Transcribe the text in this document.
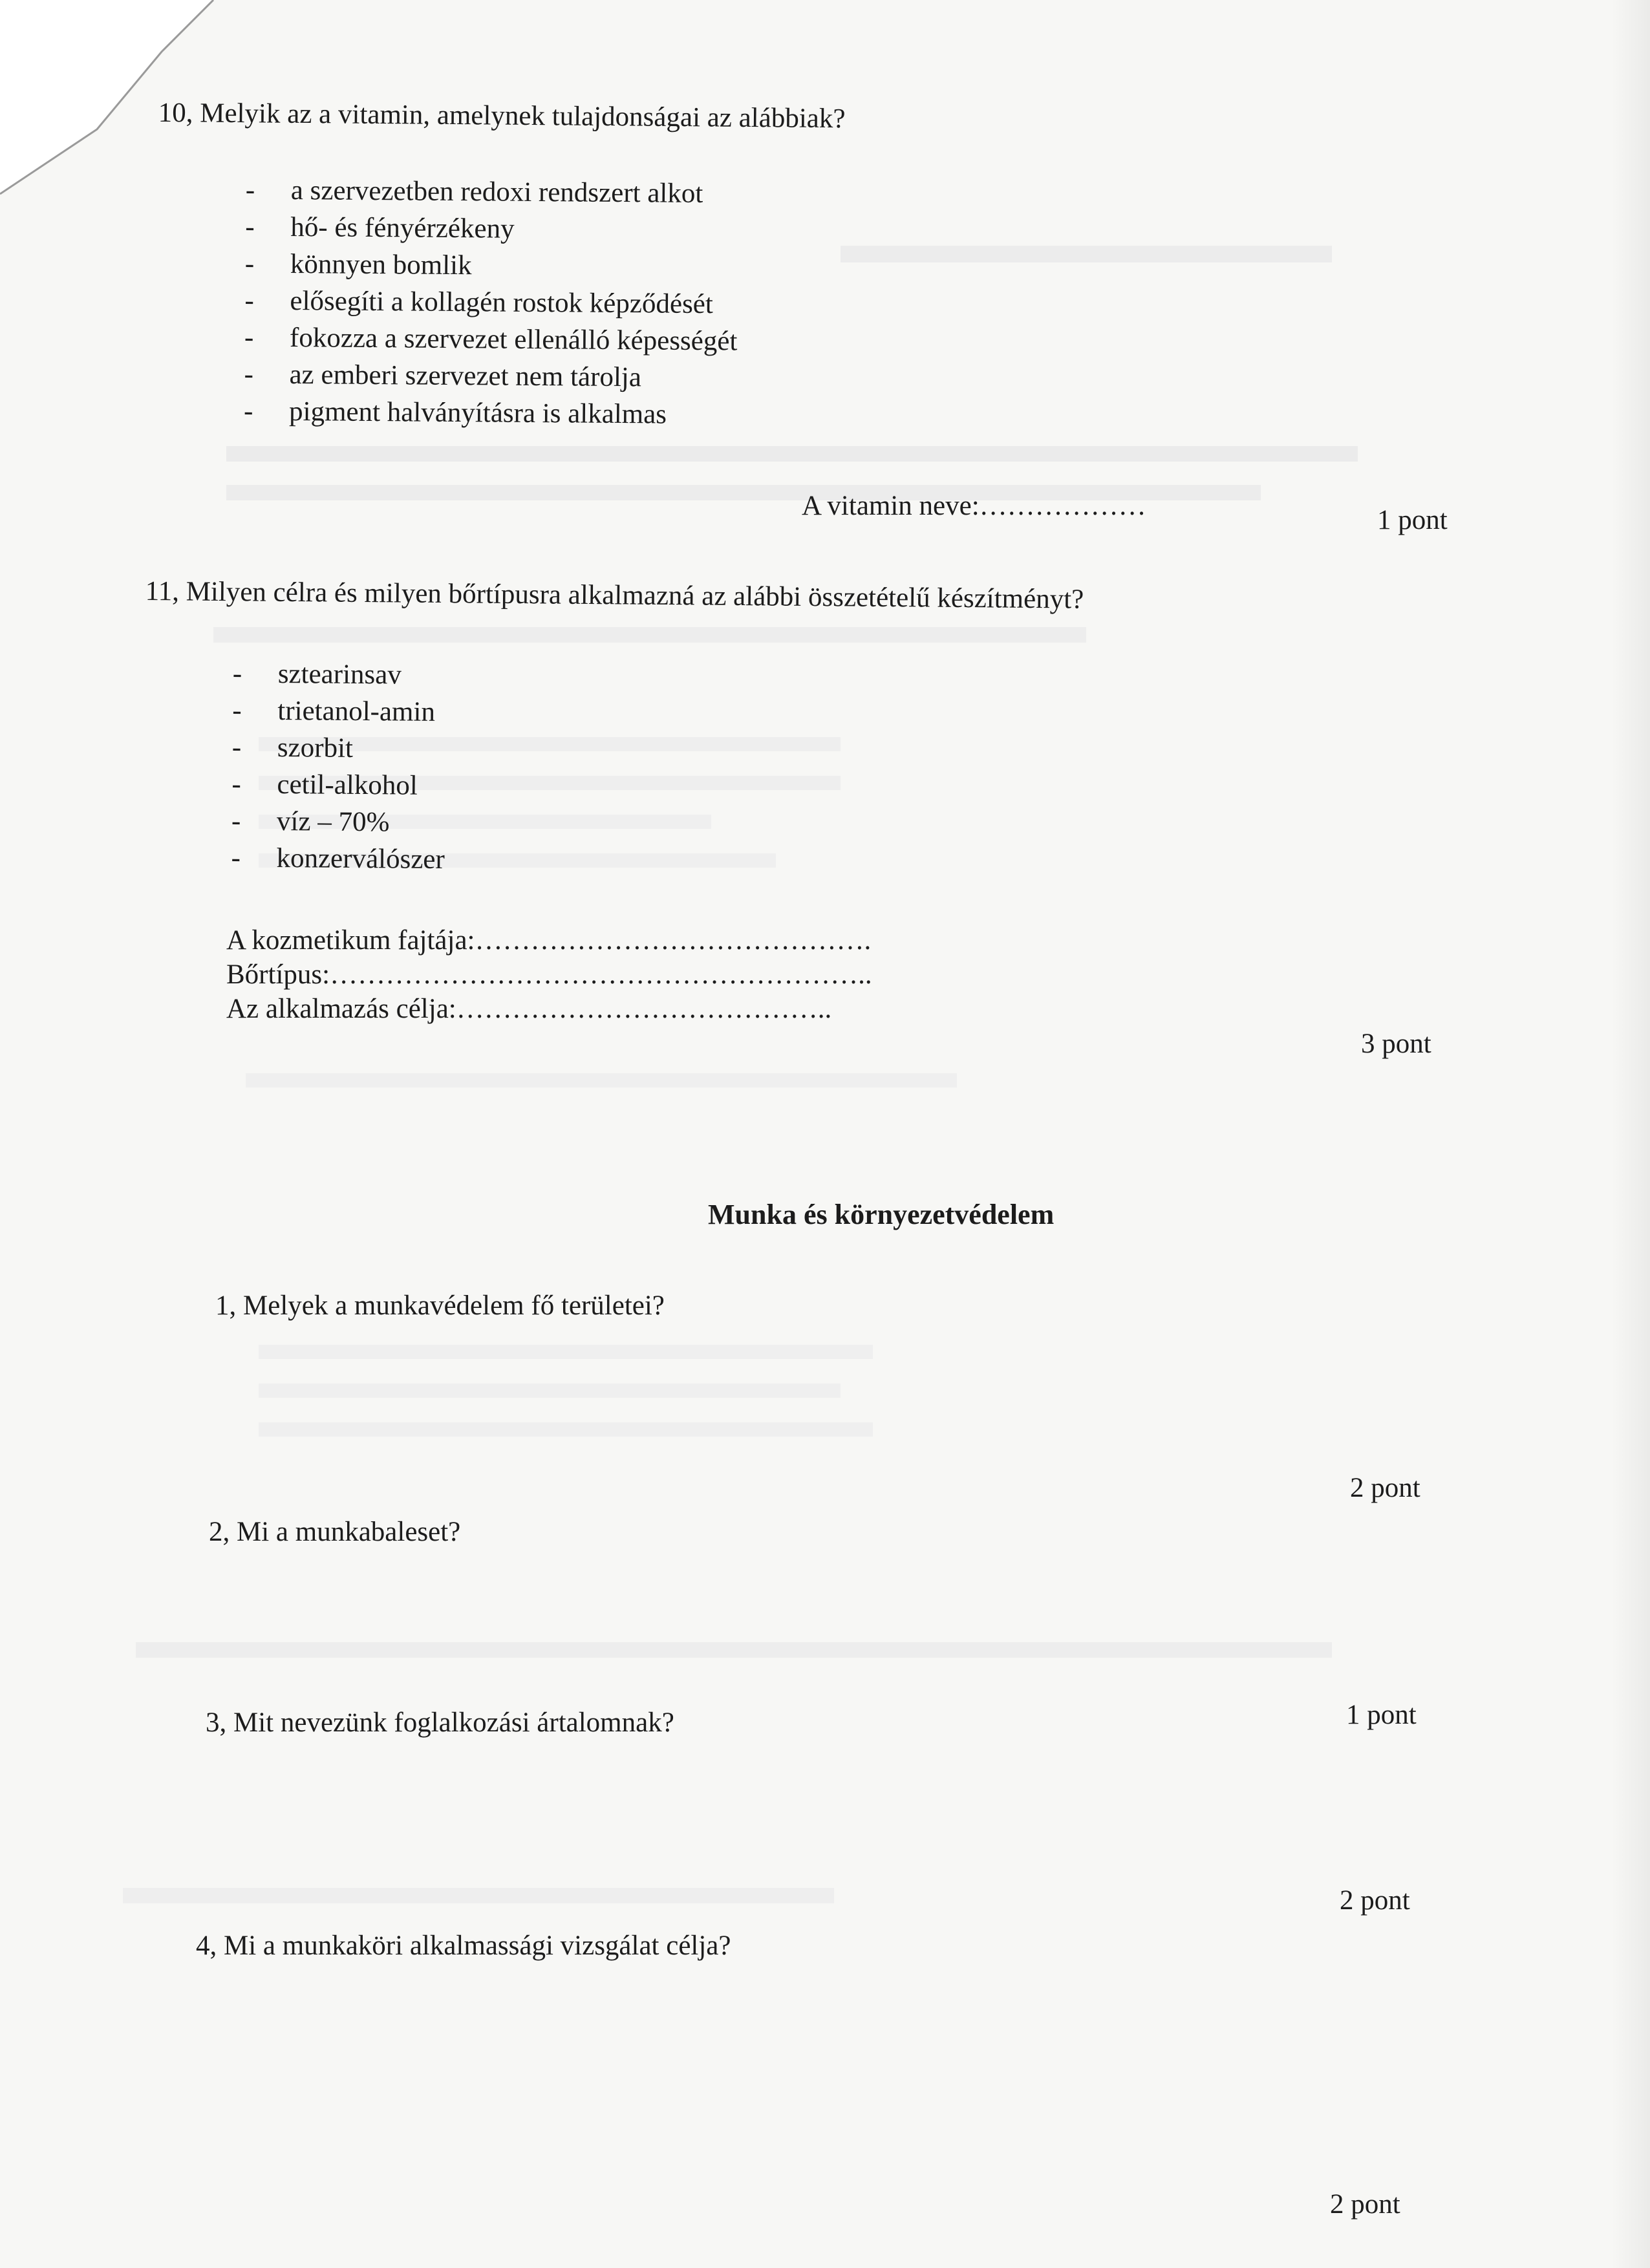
10, Melyik az a vitamin, amelynek tulajdonságai az alábbiak?
- a szervezetben redoxi rendszert alkot
- hő- és fényérzékeny
- könnyen bomlik
- elősegíti a kollagén rostok képződését
- fokozza a szervezet ellenálló képességét
- az emberi szervezet nem tárolja
- pigment halványításra is alkalmas
A vitamin neve:………………	1 pont
11, Milyen célra és milyen bőrtípusra alkalmazná az alábbi összetételű készítményt?
- sztearinsav
- trietanol-amin
- szorbit
- cetil-alkohol
- víz – 70%
- konzerválószer
A kozmetikum fajtája:…………………………………….
Bőrtípus:…………………………………………………..
Az alkalmazás célja:…………………………………..
3 pont
Munka és környezetvédelem
1, Melyek a munkavédelem fő területei?
2 pont
2, Mi a munkabaleset?
1 pont
3, Mit nevezünk foglalkozási ártalomnak?
2 pont
4, Mi a munkaköri alkalmassági vizsgálat célja?
2 pont
